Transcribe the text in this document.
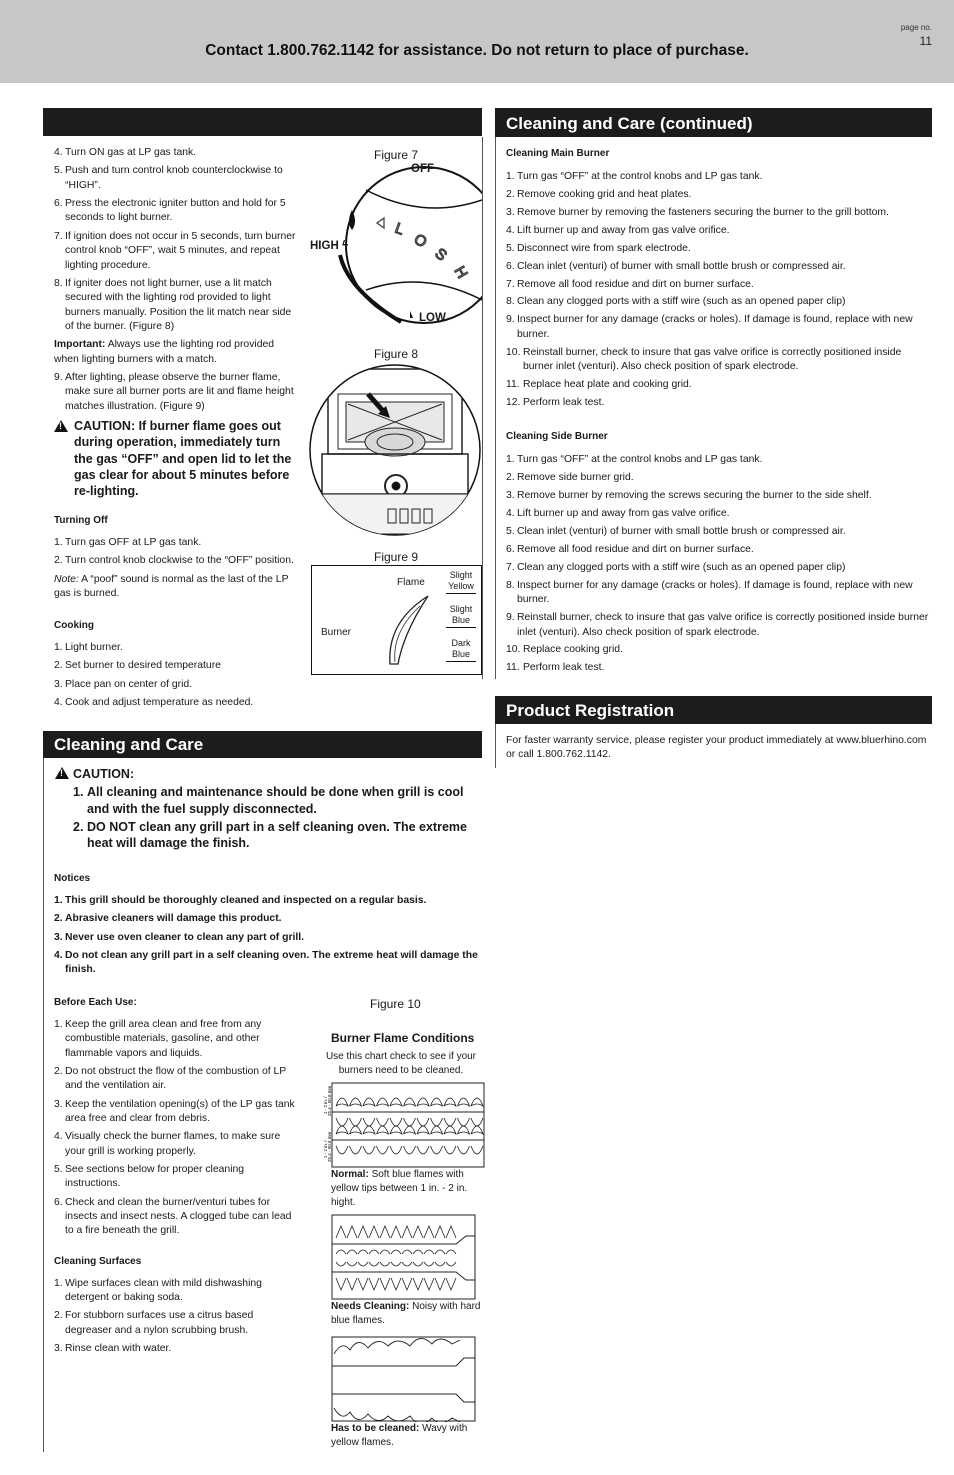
Contact 1.800.762.1142 for assistance. Do not return to place of purchase.
page no.
11
Cleaning and Care (continued)
4. Turn ON gas at LP gas tank.
5. Push and turn control knob counterclockwise to “HIGH”.
6. Press the electronic igniter button and hold for 5 seconds to light burner.
7. If ignition does not occur in 5 seconds, turn burner control knob “OFF”, wait 5 minutes, and repeat lighting procedure.
8. If igniter does not light burner, use a lit match secured with the lighting rod provided to light burners manually. Position the lit match near side of the burner. (Figure 8)
Important: Always use the lighting rod provided when lighting burners with a match.
9. After lighting, please observe the burner flame, make sure all burner ports are lit and flame height matches illustration. (Figure 9)
!
CAUTION: If burner flame goes out during operation, immediately turn the gas “OFF” and open lid to let the gas clear for about 5 minutes before re-lighting.
Turning Off
1. Turn gas OFF at LP gas tank.
2. Turn control knob clockwise to the “OFF” position.
Note: A “poof” sound is normal as the last of the LP gas is burned.
Cooking
1. Light burner.
2. Set burner to desired temperature
3. Place pan on center of grid.
4. Cook and adjust temperature as needed.
Figure 7
L
O
S
H
OFF
HIGH ϟ
LOW
Figure 8
Figure 9
Flame
Burner
Slight
Yellow
Slight
Blue
Dark
Blue
Cleaning and Care
!CAUTION:
1. All cleaning and maintenance should be done when grill is cool and with the fuel supply disconnected.
2. DO NOT clean any grill part in a self cleaning oven. The extreme heat will damage the finish.
Notices
1. This grill should be thoroughly cleaned and inspected on a regular basis.
2. Abrasive cleaners will damage this product.
3. Never use oven cleaner to clean any part of grill.
4. Do not clean any grill part in a self cleaning oven. The extreme heat will damage the finish.
Before Each Use:
1. Keep the grill area clean and free from any combustible materials, gasoline, and other flammable vapors and liquids.
2. Do not obstruct the flow of the combustion of LP and the ventilation air.
3. Keep the ventilation opening(s) of the LP gas tank area free and clear from debris.
4. Visually check the burner flames, to make sure your grill is working properly.
5. See sections below for proper cleaning instructions.
6. Check and clean the burner/venturi tubes for insects and insect nests. A clogged tube can lead to a fire beneath the grill.
Cleaning Surfaces
1. Wipe surfaces clean with mild dishwashing detergent or baking soda.
2. For stubborn surfaces use a citrus based degreaser and a nylon scrubbing brush.
3. Rinse clean with water.
Figure 10
Burner Flame Conditions
Use this chart check to see if your burners need to be cleaned.
1 - 2 in. / 25.4 - 50.8 mm
1 - 2 in. / 25.4 - 50.8 mm
Normal: Soft blue flames with yellow tips between 1 in. - 2 in. hight.
Needs Cleaning: Noisy with hard blue flames.
Has to be cleaned: Wavy with yellow flames.
Cleaning Main Burner
1. Turn gas “OFF” at the control knobs and LP gas tank.
2. Remove cooking grid and heat plates.
3. Remove burner by removing the fasteners securing the burner to the grill bottom.
4. Lift burner up and away from gas valve orifice.
5. Disconnect wire from spark electrode.
6. Clean inlet (venturi) of burner with small bottle brush or compressed air.
7. Remove all food residue and dirt on burner surface.
8. Clean any clogged ports with a stiff wire (such as an opened paper clip)
9. Inspect burner for any damage (cracks or holes). If damage is found, replace with new burner.
10. Reinstall burner, check to insure that gas valve orifice is correctly positioned inside burner inlet (venturi). Also check position of spark electrode.
11. Replace heat plate and cooking grid.
12. Perform leak test.
Cleaning Side Burner
1. Turn gas “OFF” at the control knobs and LP gas tank.
2. Remove side burner grid.
3. Remove burner by removing the screws securing the burner to the side shelf.
4. Lift burner up and away from gas valve orifice.
5. Clean inlet (venturi) of burner with small bottle brush or compressed air.
6. Remove all food residue and dirt on burner surface.
7. Clean any clogged ports with a stiff wire (such as an opened paper clip)
8. Inspect burner for any damage (cracks or holes). If damage is found, replace with new burner.
9. Reinstall burner, check to insure that gas valve orifice is correctly positioned inside burner inlet (venturi). Also check position of spark electrode.
10. Replace cooking grid.
11. Perform leak test.
Product Registration
For faster warranty service, please register your product immediately at www.bluerhino.com or call 1.800.762.1142.
